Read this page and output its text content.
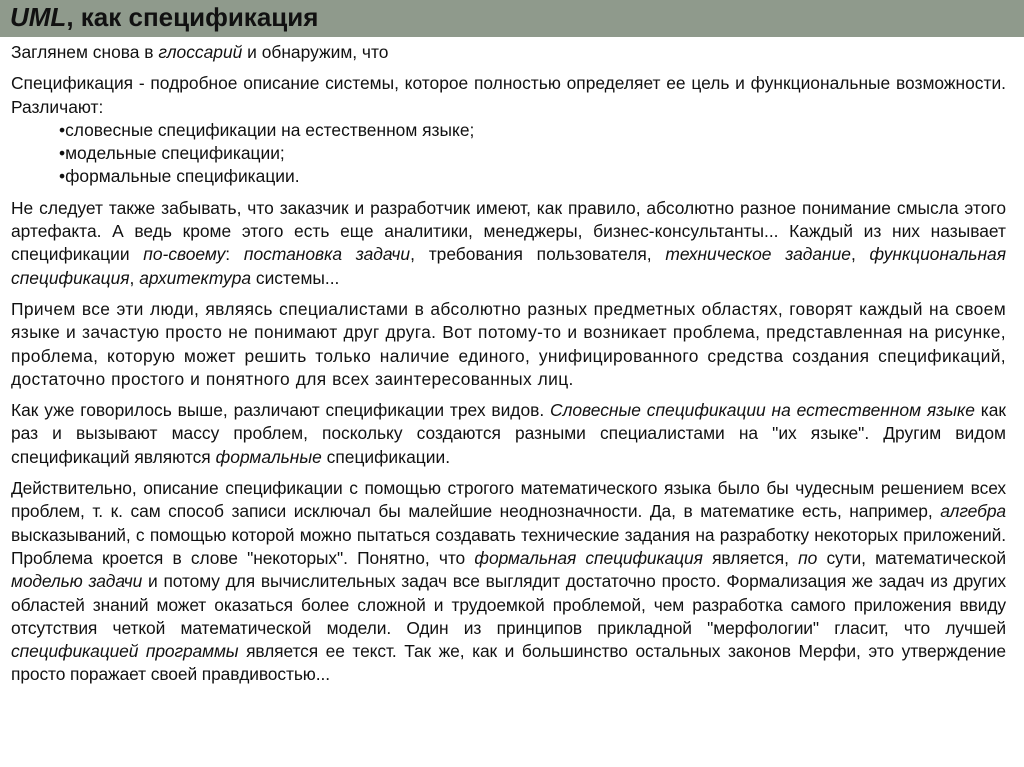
UML, как спецификация

Заглянем снова в глоссарий и обнаружим, что

Спецификация - подробное описание системы, которое полностью определяет ее цель и функциональные возможности. Различают:

•словесные спецификации на естественном языке;
•модельные спецификации;
•формальные спецификации.

Не следует также забывать, что заказчик и разработчик имеют, как правило, абсолютно разное понимание смысла этого артефакта. А ведь кроме этого есть еще аналитики, менеджеры, бизнес-консультанты... Каждый из них называет спецификации по-своему: постановка задачи, требования пользователя, техническое задание, функциональная спецификация, архитектура системы...

Причем все эти люди, являясь специалистами в абсолютно разных предметных областях, говорят каждый на своем языке и зачастую просто не понимают друг друга. Вот потому-то и возникает проблема, представленная на рисунке, проблема, которую может решить только наличие единого, унифицированного средства создания спецификаций, достаточно простого и понятного для всех заинтересованных лиц.

Как уже говорилось выше, различают спецификации трех видов. Словесные спецификации на естественном языке как раз и вызывают массу проблем, поскольку создаются разными специалистами на "их языке". Другим видом спецификаций являются формальные спецификации.

Действительно, описание спецификации с помощью строгого математического языка было бы чудесным решением всех проблем, т. к. сам способ записи исключал бы малейшие неоднозначности. Да, в математике есть, например, алгебра высказываний, с помощью которой можно пытаться создавать технические задания на разработку некоторых приложений. Проблема кроется в слове "некоторых". Понятно, что формальная спецификация является, по сути, математической моделью задачи и потому для вычислительных задач все выглядит достаточно просто. Формализация же задач из других областей знаний может оказаться более сложной и трудоемкой проблемой, чем разработка самого приложения ввиду отсутствия четкой математической модели. Один из принципов прикладной "мерфологии" гласит, что лучшей спецификацией программы является ее текст. Так же, как и большинство остальных законов Мерфи, это утверждение просто поражает своей правдивостью...
